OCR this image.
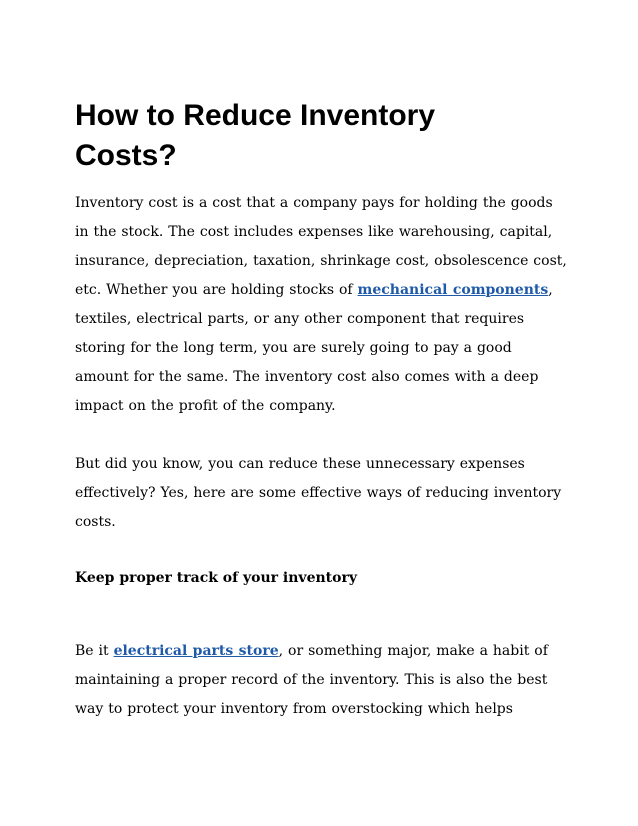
How to Reduce Inventory Costs?

Inventory cost is a cost that a company pays for holding the goods in the stock. The cost includes expenses like warehousing, capital, insurance, depreciation, taxation, shrinkage cost, obsolescence cost, etc. Whether you are holding stocks of mechanical components, textiles, electrical parts, or any other component that requires storing for the long term, you are surely going to pay a good amount for the same. The inventory cost also comes with a deep impact on the profit of the company.

But did you know, you can reduce these unnecessary expenses effectively? Yes, here are some effective ways of reducing inventory costs.

Keep proper track of your inventory

Be it electrical parts store, or something major, make a habit of maintaining a proper record of the inventory. This is also the best way to protect your inventory from overstocking which helps
